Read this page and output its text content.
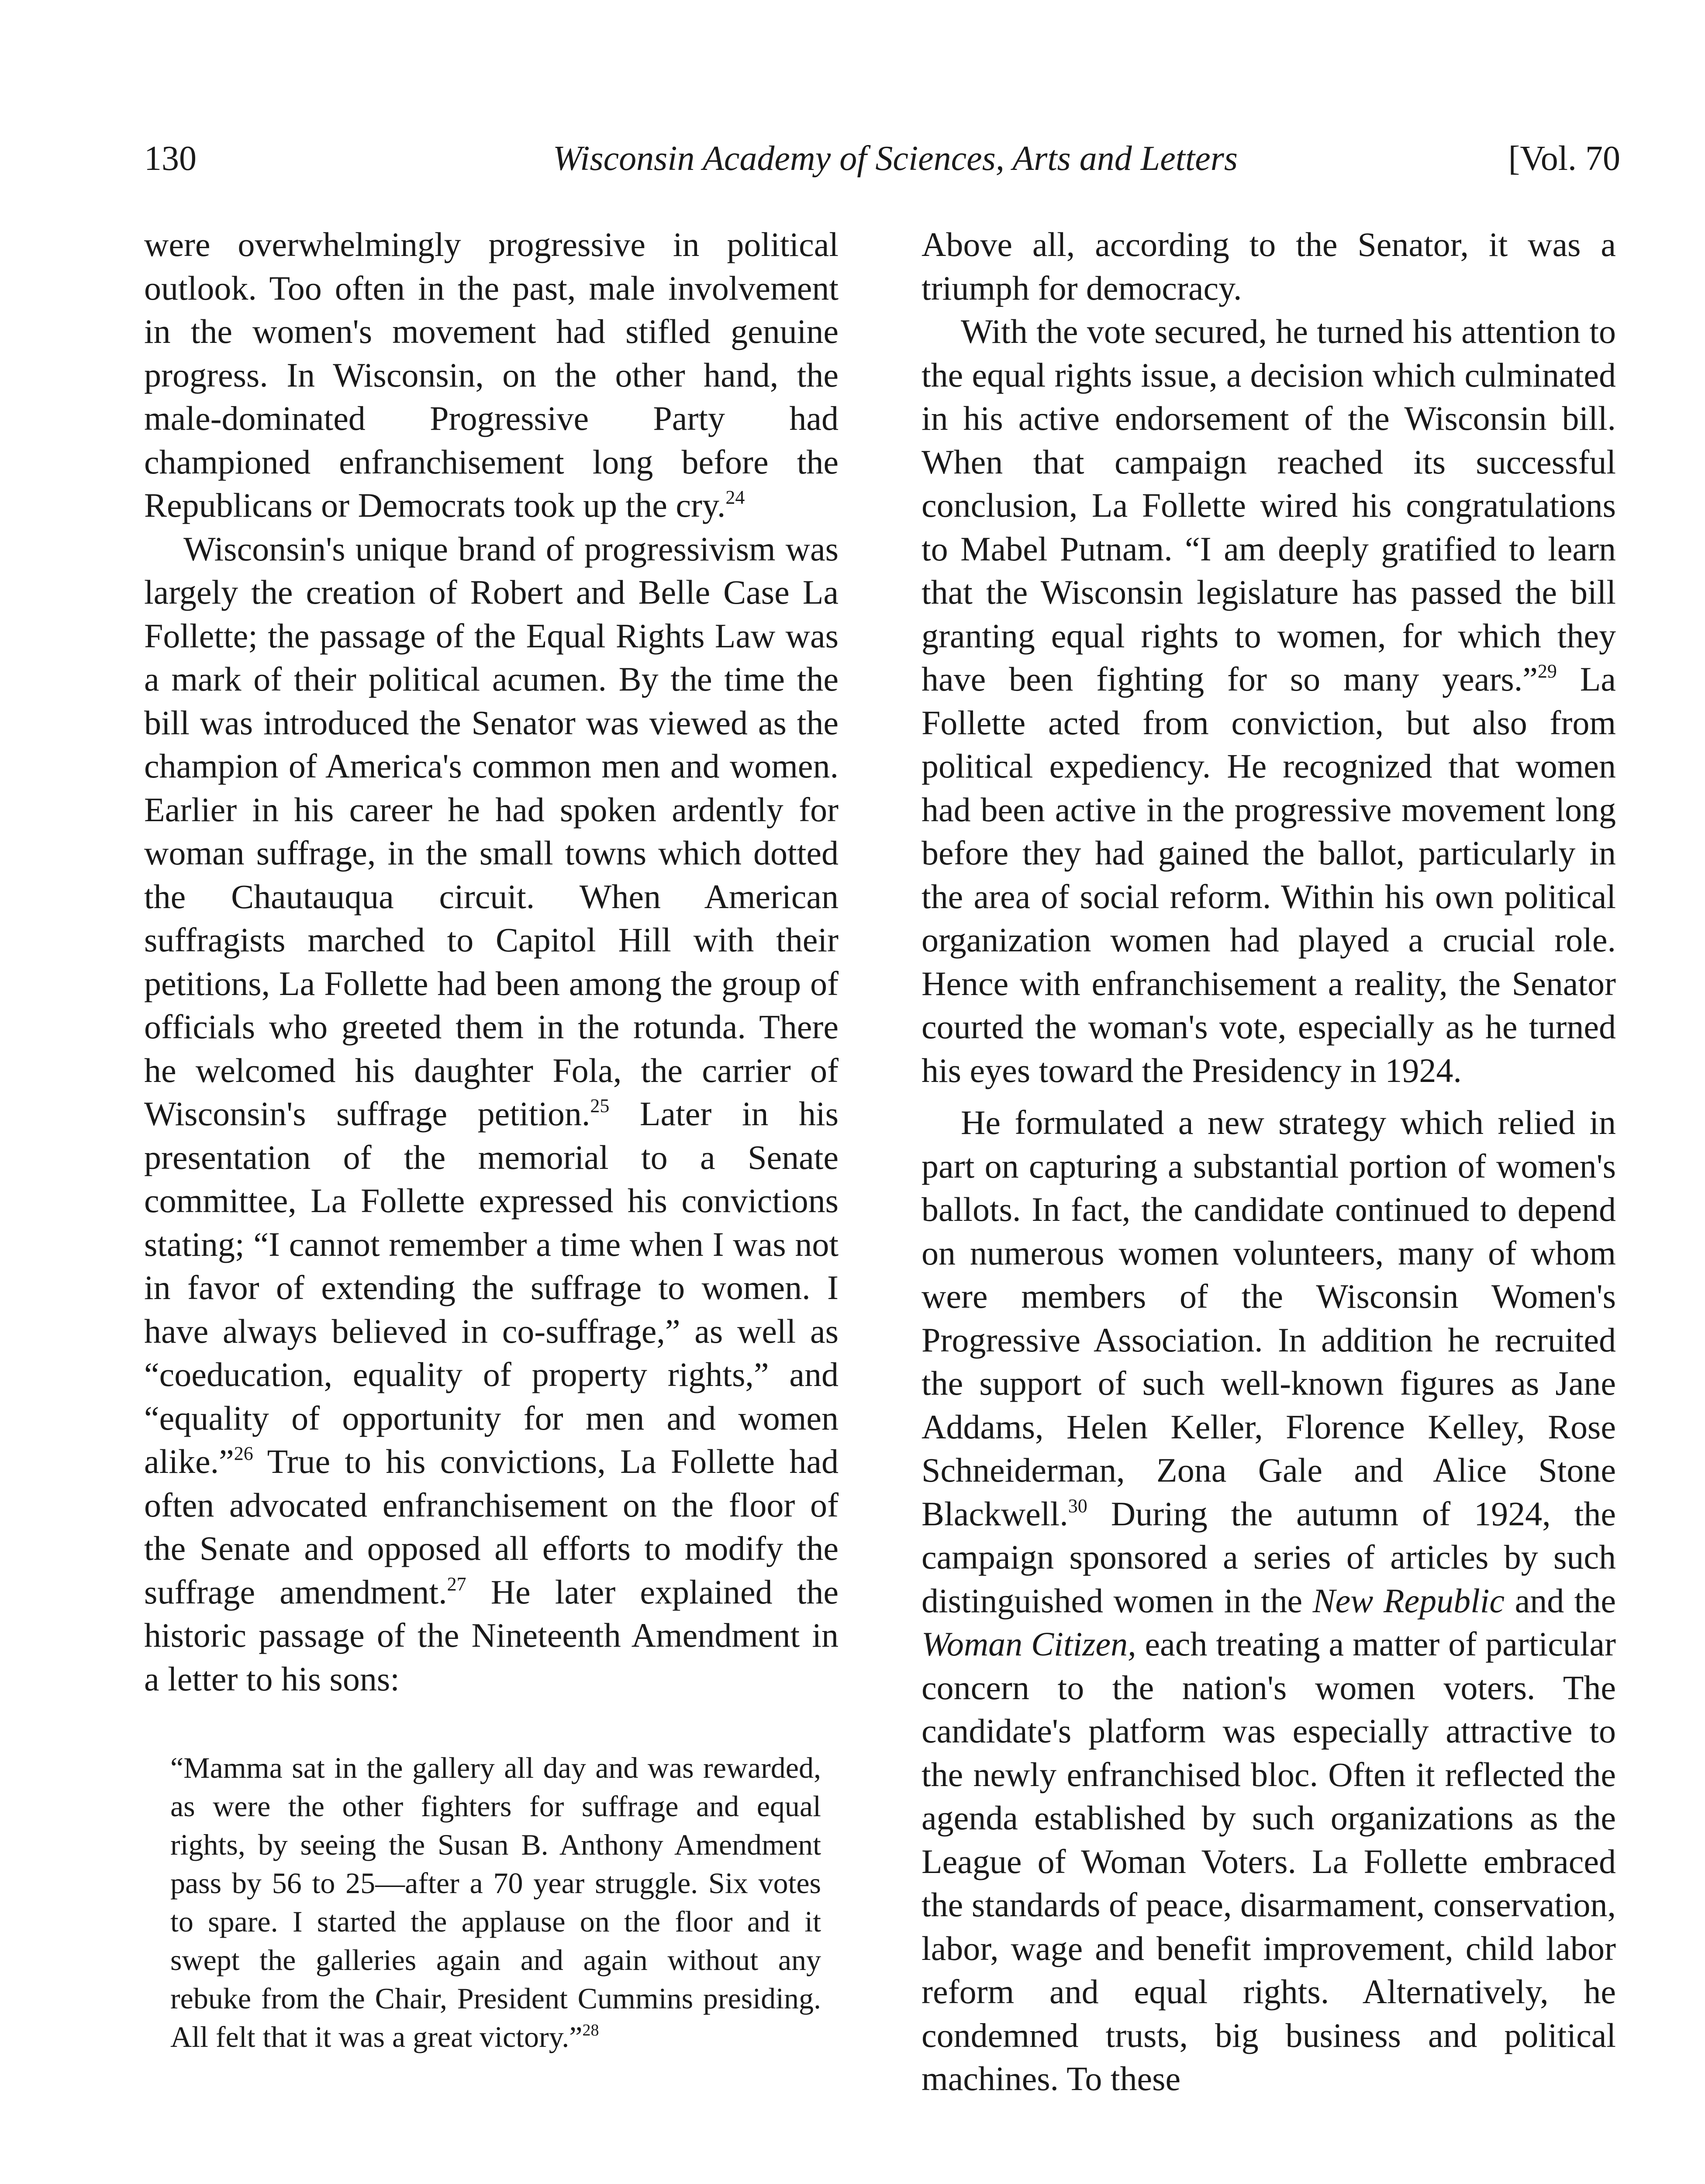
130	Wisconsin Academy of Sciences, Arts and Letters	[Vol. 70

were overwhelmingly progressive in political outlook. Too often in the past, male involvement in the women's movement had stifled genuine progress. In Wisconsin, on the other hand, the male-dominated Progressive Party had championed enfranchisement long before the Republicans or Democrats took up the cry.$^{24}$

Wisconsin's unique brand of progressivism was largely the creation of Robert and Belle Case La Follette; the passage of the Equal Rights Law was a mark of their political acumen. By the time the bill was introduced the Senator was viewed as the champion of America's common men and women. Earlier in his career he had spoken ardently for woman suffrage, in the small towns which dotted the Chautauqua circuit. When American suffragists marched to Capitol Hill with their petitions, La Follette had been among the group of officials who greeted them in the rotunda. There he welcomed his daughter Fola, the carrier of Wisconsin's suffrage petition.$^{25}$ Later in his presentation of the memorial to a Senate committee, La Follette expressed his convictions stating; “I cannot remember a time when I was not in favor of extending the suffrage to women. I have always believed in co-suffrage,” as well as “coeducation, equality of property rights,” and “equality of opportunity for men and women alike.”$^{26}$ True to his convictions, La Follette had often advocated enfranchisement on the floor of the Senate and opposed all efforts to modify the suffrage amendment.$^{27}$ He later explained the historic passage of the Nineteenth Amendment in a letter to his sons:

“Mamma sat in the gallery all day and was rewarded, as were the other fighters for suffrage and equal rights, by seeing the Susan B. Anthony Amendment pass by 56 to 25—after a 70 year struggle. Six votes to spare. I started the applause on the floor and it swept the galleries again and again without any rebuke from the Chair, President Cummins presiding. All felt that it was a great victory.”$^{28}$

Above all, according to the Senator, it was a triumph for democracy.

With the vote secured, he turned his attention to the equal rights issue, a decision which culminated in his active endorsement of the Wisconsin bill. When that campaign reached its successful conclusion, La Follette wired his congratulations to Mabel Putnam. “I am deeply gratified to learn that the Wisconsin legislature has passed the bill granting equal rights to women, for which they have been fighting for so many years.”$^{29}$ La Follette acted from conviction, but also from political expediency. He recognized that women had been active in the progressive movement long before they had gained the ballot, particularly in the area of social reform. Within his own political organization women had played a crucial role. Hence with enfranchisement a reality, the Senator courted the woman's vote, especially as he turned his eyes toward the Presidency in 1924.

He formulated a new strategy which relied in part on capturing a substantial portion of women's ballots. In fact, the candidate continued to depend on numerous women volunteers, many of whom were members of the Wisconsin Women's Progressive Association. In addition he recruited the support of such well-known figures as Jane Addams, Helen Keller, Florence Kelley, Rose Schneiderman, Zona Gale and Alice Stone Blackwell.$^{30}$ During the autumn of 1924, the campaign sponsored a series of articles by such distinguished women in the New Republic and the Woman Citizen, each treating a matter of particular concern to the nation's women voters. The candidate's platform was especially attractive to the newly enfranchised bloc. Often it reflected the agenda established by such organizations as the League of Woman Voters. La Follette embraced the standards of peace, disarmament, conservation, labor, wage and benefit improvement, child labor reform and equal rights. Alternatively, he condemned trusts, big business and political machines. To these
